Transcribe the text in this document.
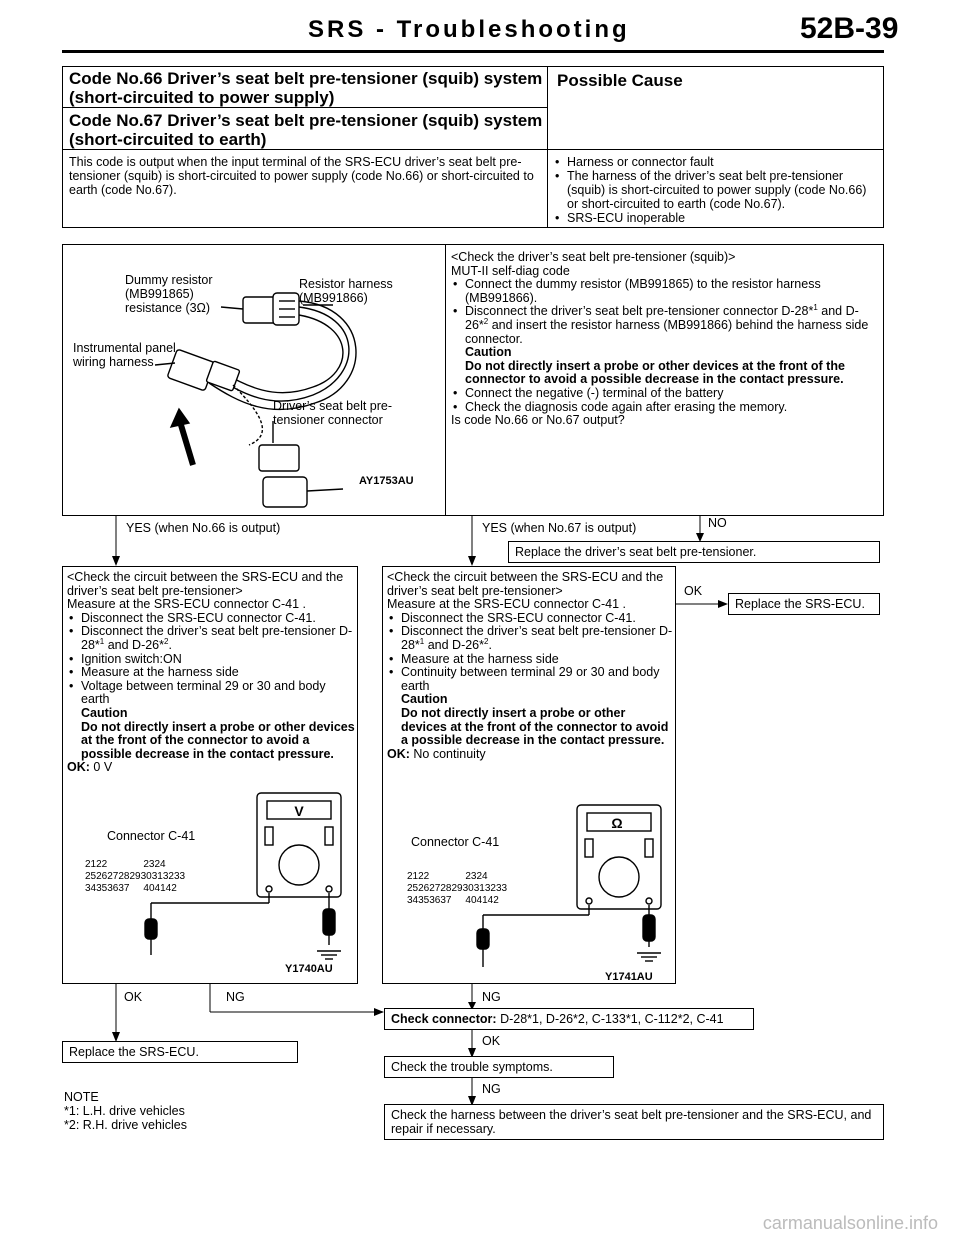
SRS - Troubleshooting	52B-39
Code No.66 Driver’s seat belt pre-tensioner (squib) system (short-circuited to power supply)
Code No.67 Driver’s seat belt pre-tensioner (squib) system (short-circuited to earth)
Possible Cause
This code is output when the input terminal of the SRS-ECU driver’s seat belt pre-tensioner (squib) is short-circuited to power supply (code No.66) or short-circuited to earth (code No.67).
• Harness or connector fault
• The harness of the driver’s seat belt pre-tensioner (squib) is short-circuited to power supply (code No.66) or short-circuited to earth (code No.67).
• SRS-ECU inoperable
Dummy resistor (MB991865) resistance (3Ω)
Resistor harness (MB991866)
Instrumental panel wiring harness
Driver’s seat belt pre-tensioner connector
AY1753AU
<Check the driver’s seat belt pre-tensioner (squib)>
MUT-II self-diag code
• Connect the dummy resistor (MB991865) to the resistor harness (MB991866).
• Disconnect the driver’s seat belt pre-tensioner connector D-28*$^1$ and D-26*$^2$ and insert the resistor harness (MB991866) behind the harness side connector.
Caution
Do not directly insert a probe or other devices at the front of the connector to avoid a possible decrease in the contact pressure.
• Connect the negative (-) terminal of the battery
• Check the diagnosis code again after erasing the memory.
Is code No.66 or No.67 output?
YES (when No.66 is output)	YES (when No.67 is output)	NO
Replace the driver’s seat belt pre-tensioner.
<Check the circuit between the SRS-ECU and the driver’s seat belt pre-tensioner>
Measure at the SRS-ECU connector C-41 .
• Disconnect the SRS-ECU connector C-41.
• Disconnect the driver’s seat belt pre-tensioner D-28*$^1$ and D-26*$^2$.
• Ignition switch:ON
• Measure at the harness side
• Voltage between terminal 29 or 30 and body earth
Caution
Do not directly insert a probe or other devices at the front of the connector to avoid a possible decrease in the contact pressure.
OK: 0 V
Connector C-41
V
2122	2324
252627282930313233
34353637 404142
Y1740AU
<Check the circuit between the SRS-ECU and the driver’s seat belt pre-tensioner>
Measure at the SRS-ECU connector C-41 .
• Disconnect the SRS-ECU connector C-41.
• Disconnect the driver’s seat belt pre-tensioner D-28*$^1$ and D-26*$^2$.
• Measure at the harness side
• Continuity between terminal 29 or 30 and body earth
Caution
Do not directly insert a probe or other devices at the front of the connector to avoid a possible decrease in the contact pressure.
OK: No continuity
Connector C-41
Ω
2122	2324
252627282930313233
34353637 404142
Y1741AU
OK
Replace the SRS-ECU.
OK	NG	NG
Check connector: D-28*1, D-26*2, C-133*1, C-112*2, C-41
Replace the SRS-ECU.
OK
Check the trouble symptoms.
NG
Check the harness between the driver’s seat belt pre-tensioner and the SRS-ECU, and repair if necessary.
NOTE
*1: L.H. drive vehicles
*2: R.H. drive vehicles
carmanualsonline.info
